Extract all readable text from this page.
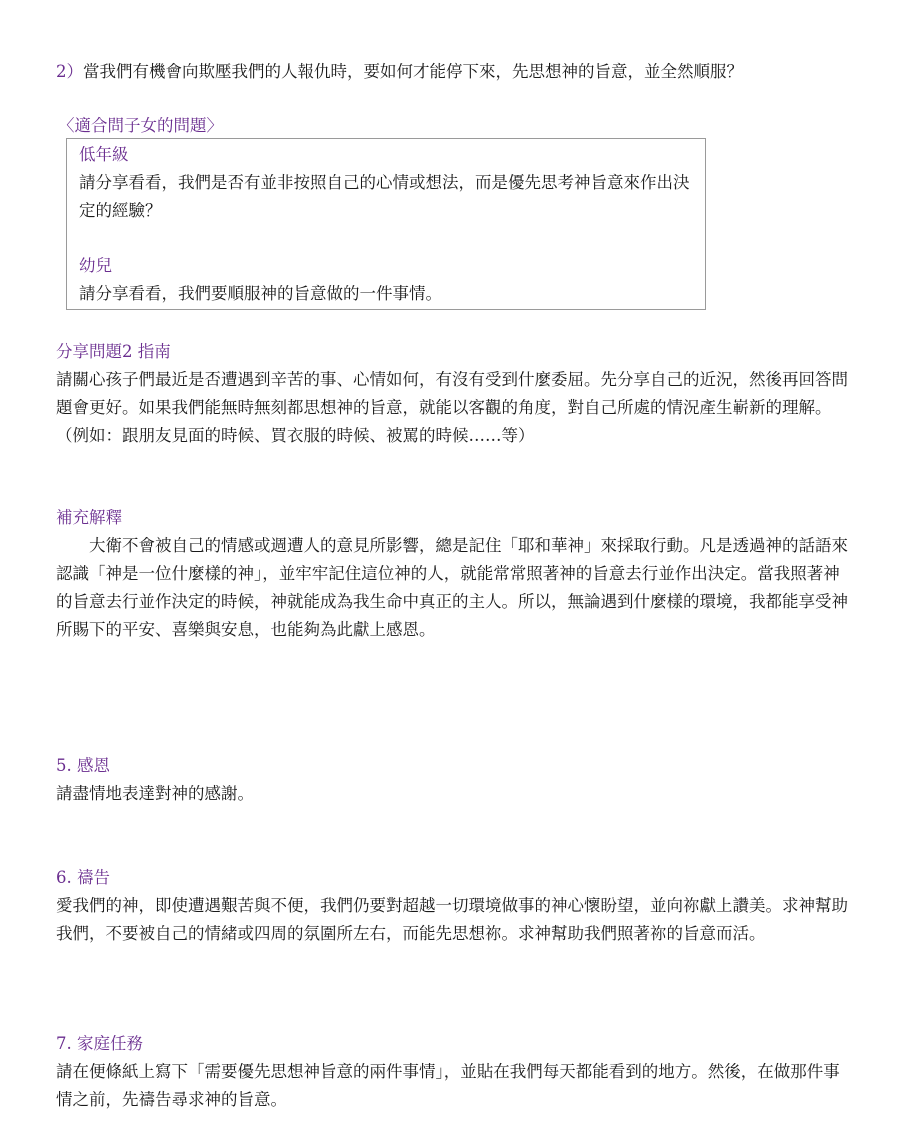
2）當我們有機會向欺壓我們的人報仇時，要如何才能停下來，先思想神的旨意，並全然順服？
〈適合問子女的問題〉
低年級
請分享看看，我們是否有並非按照自己的心情或想法，而是優先思考神旨意來作出決定的經驗？
幼兒
請分享看看，我們要順服神的旨意做的一件事情。
分享問題2 指南

請關心孩子們最近是否遭遇到辛苦的事、心情如何，有沒有受到什麼委屈。先分享自己的近況，然後再回答問題會更好。如果我們能無時無刻都思想神的旨意，就能以客觀的角度，對自己所處的情況產生嶄新的理解。（例如：跟朋友見面的時候、買衣服的時候、被罵的時候……等）

補充解釋

大衛不會被自己的情感或週遭人的意見所影響，總是記住「耶和華神」來採取行動。凡是透過神的話語來認識「神是一位什麼樣的神」，並牢牢記住這位神的人，就能常常照著神的旨意去行並作出決定。當我照著神的旨意去行並作決定的時候，神就能成為我生命中真正的主人。所以，無論遇到什麼樣的環境，我都能享受神所賜下的平安、喜樂與安息，也能夠為此獻上感恩。

5. 感恩

請盡情地表達對神的感謝。

6. 禱告

愛我們的神，即使遭遇艱苦與不便，我們仍要對超越一切環境做事的神心懷盼望，並向祢獻上讚美。求神幫助我們，不要被自己的情緒或四周的氛圍所左右，而能先思想祢。求神幫助我們照著祢的旨意而活。

7. 家庭任務

請在便條紙上寫下「需要優先思想神旨意的兩件事情」，並貼在我們每天都能看到的地方。然後，在做那件事情之前，先禱告尋求神的旨意。
